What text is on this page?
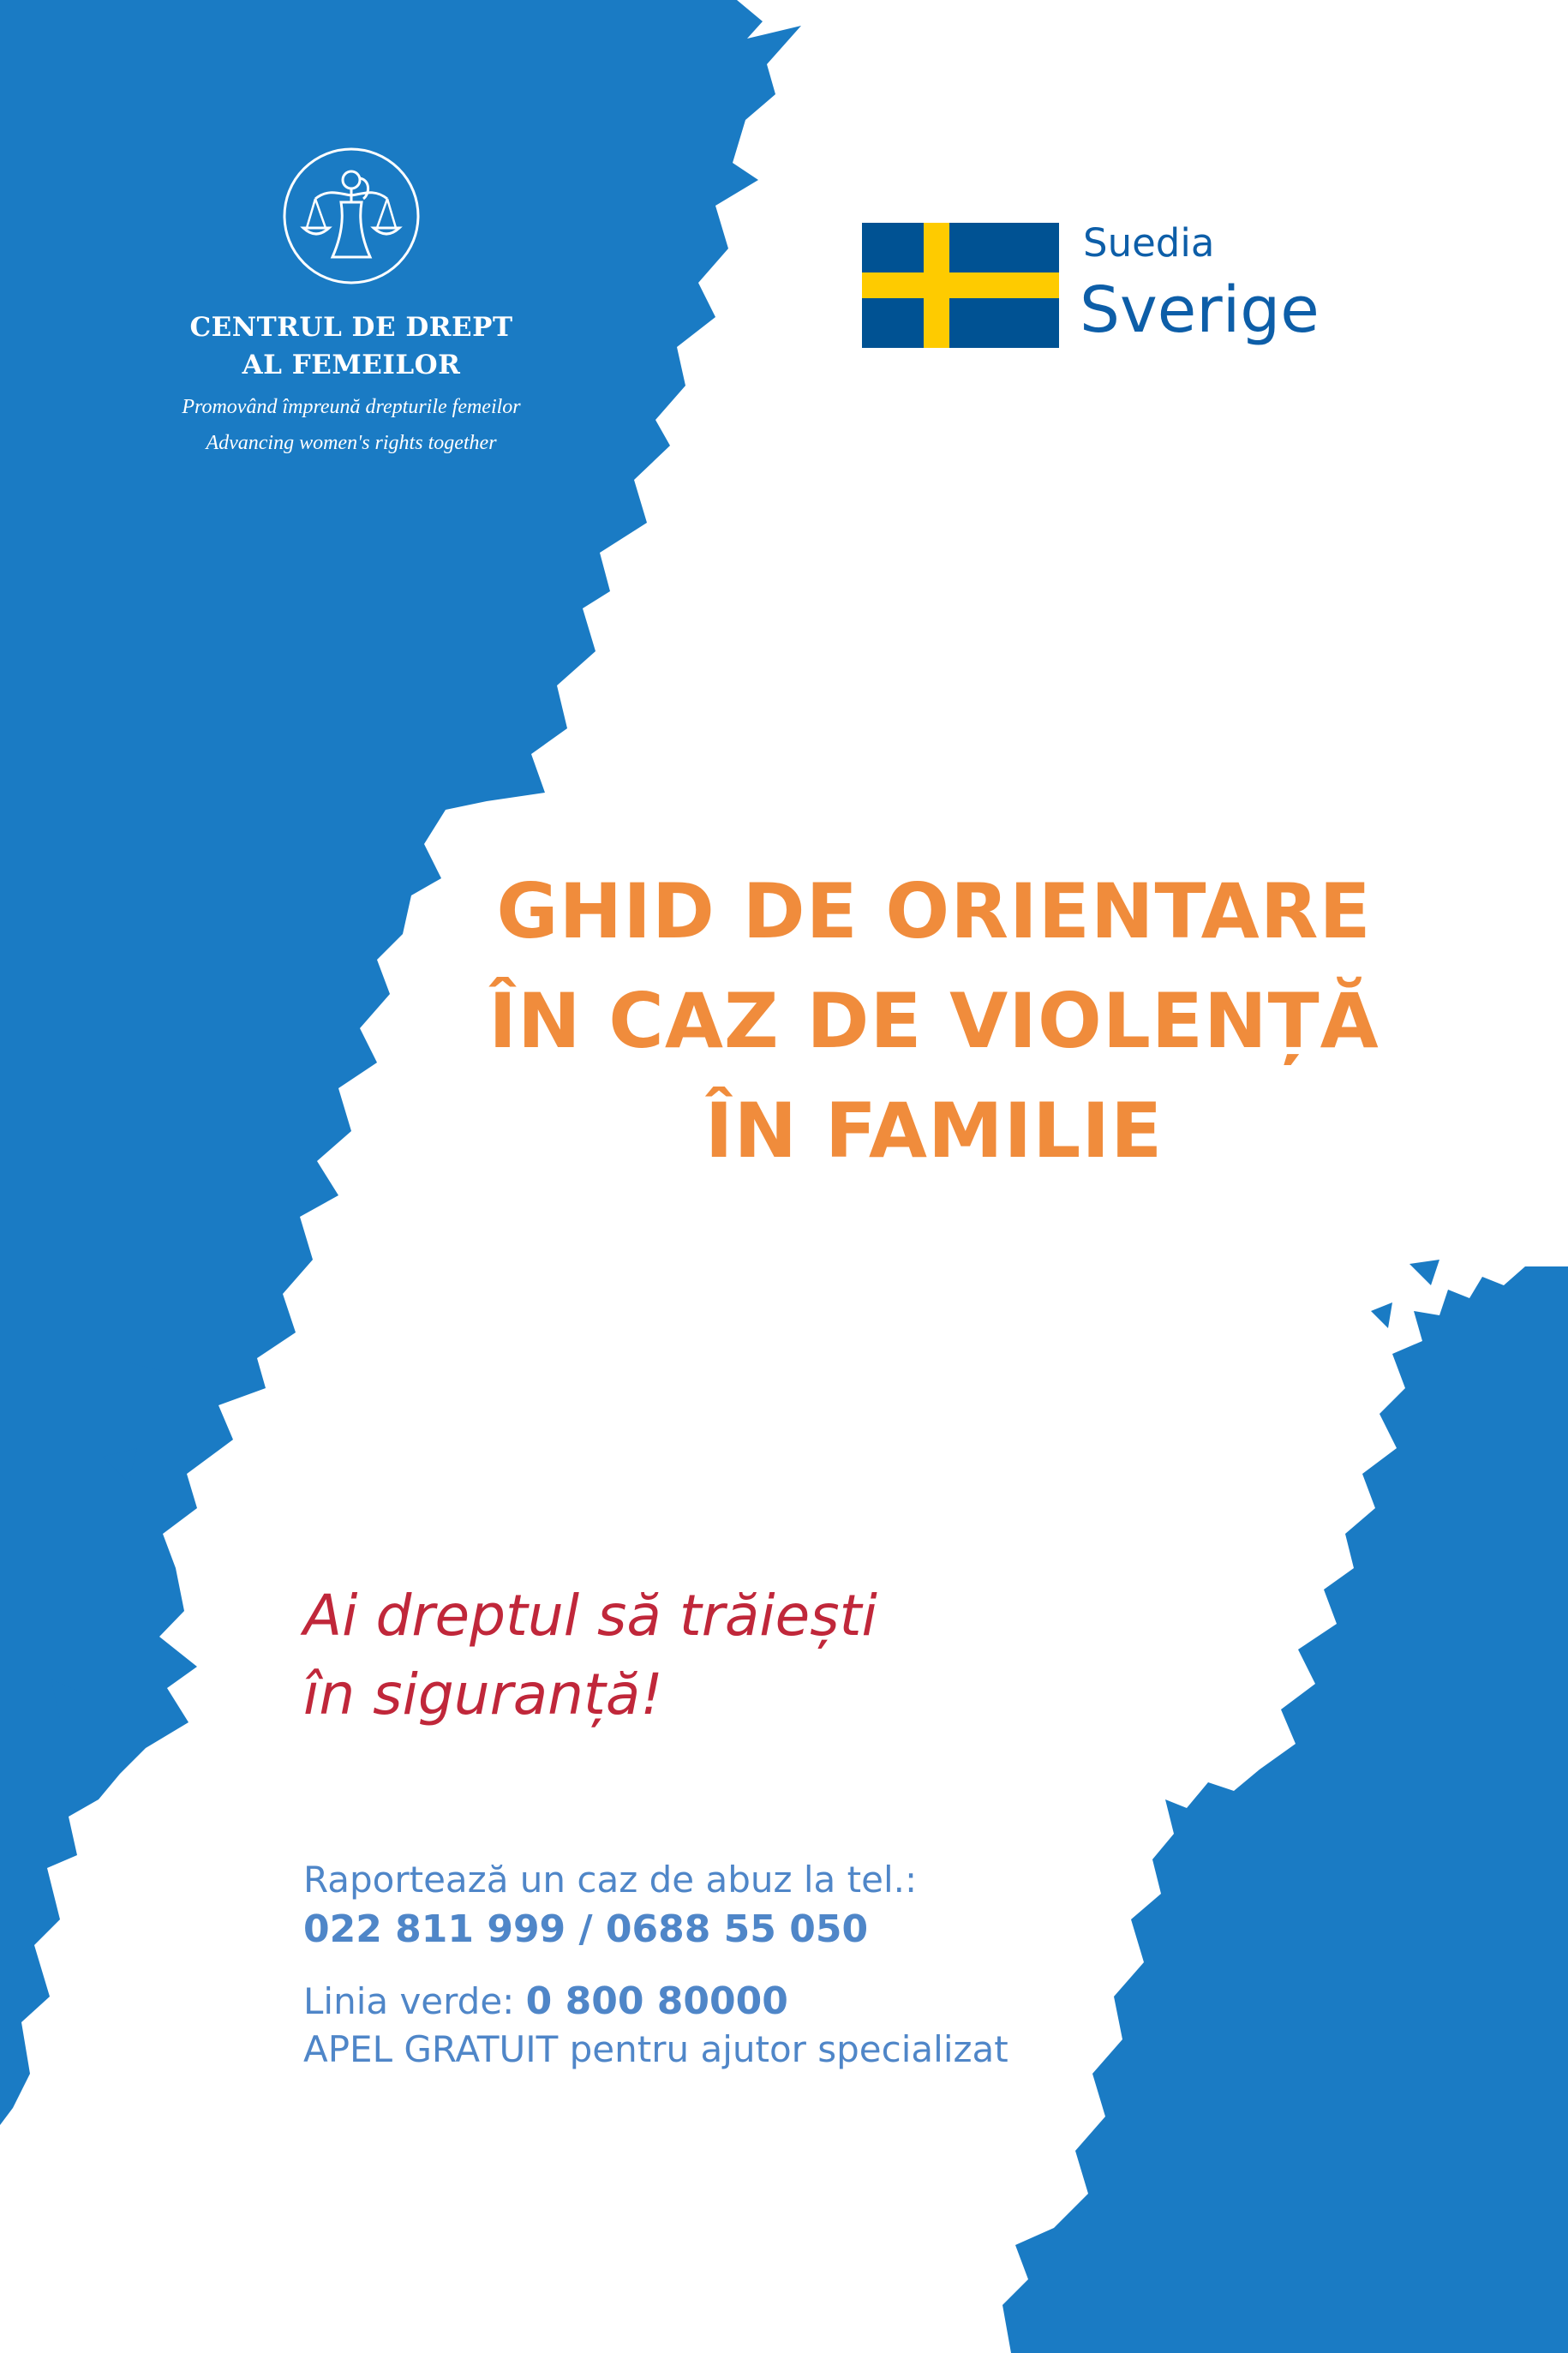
CENTRUL DE DREPT
AL FEMEILOR
Promovând împreună drepturile femeilor
Advancing women's rights together
Suedia
Sverige
GHID DE ORIENTARE
ÎN CAZ DE VIOLENȚĂ
ÎN FAMILIE
Ai dreptul să trăiești
în siguranță!
Raportează un caz de abuz la tel.:
022 811 999 / 0688 55 050
Linia verde: 0 800 80000
APEL GRATUIT pentru ajutor specializat
